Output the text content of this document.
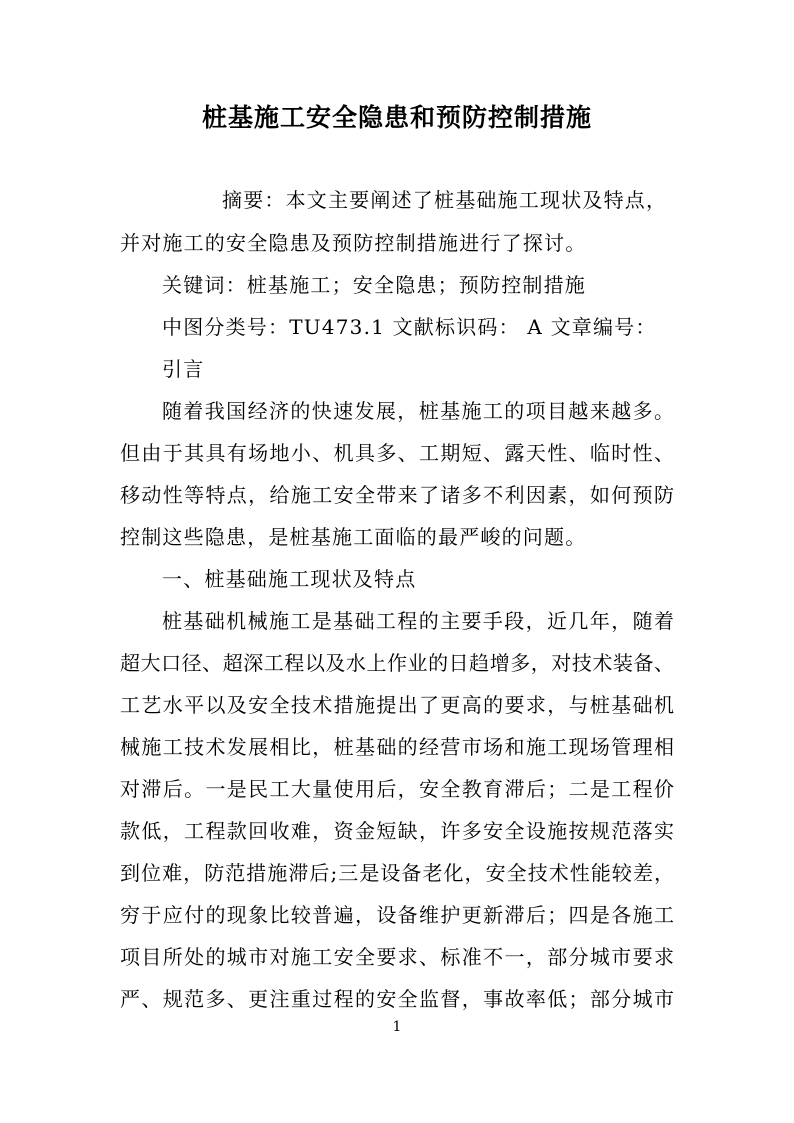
桩基施工安全隐患和预防控制措施
摘要：本文主要阐述了桩基础施工现状及特点，
并对施工的安全隐患及预防控制措施进行了探讨。
关键词：桩基施工；安全隐患；预防控制措施
中图分类号：TU473.1 文献标识码： A 文章编号：
引言
随着我国经济的快速发展，桩基施工的项目越来越多。
但由于其具有场地小、机具多、工期短、露天性、临时性、
移动性等特点，给施工安全带来了诸多不利因素，如何预防
控制这些隐患，是桩基施工面临的最严峻的问题。
一、桩基础施工现状及特点
桩基础机械施工是基础工程的主要手段，近几年，随着
超大口径、超深工程以及水上作业的日趋增多，对技术装备、
工艺水平以及安全技术措施提出了更高的要求，与桩基础机
械施工技术发展相比，桩基础的经营市场和施工现场管理相
对滞后。一是民工大量使用后，安全教育滞后；二是工程价
款低，工程款回收难，资金短缺，许多安全设施按规范落实
到位难，防范措施滞后;三是设备老化，安全技术性能较差，
穷于应付的现象比较普遍，设备维护更新滞后；四是各施工
项目所处的城市对施工安全要求、标准不一，部分城市要求
严、规范多、更注重过程的安全监督，事故率低；部分城市
1
